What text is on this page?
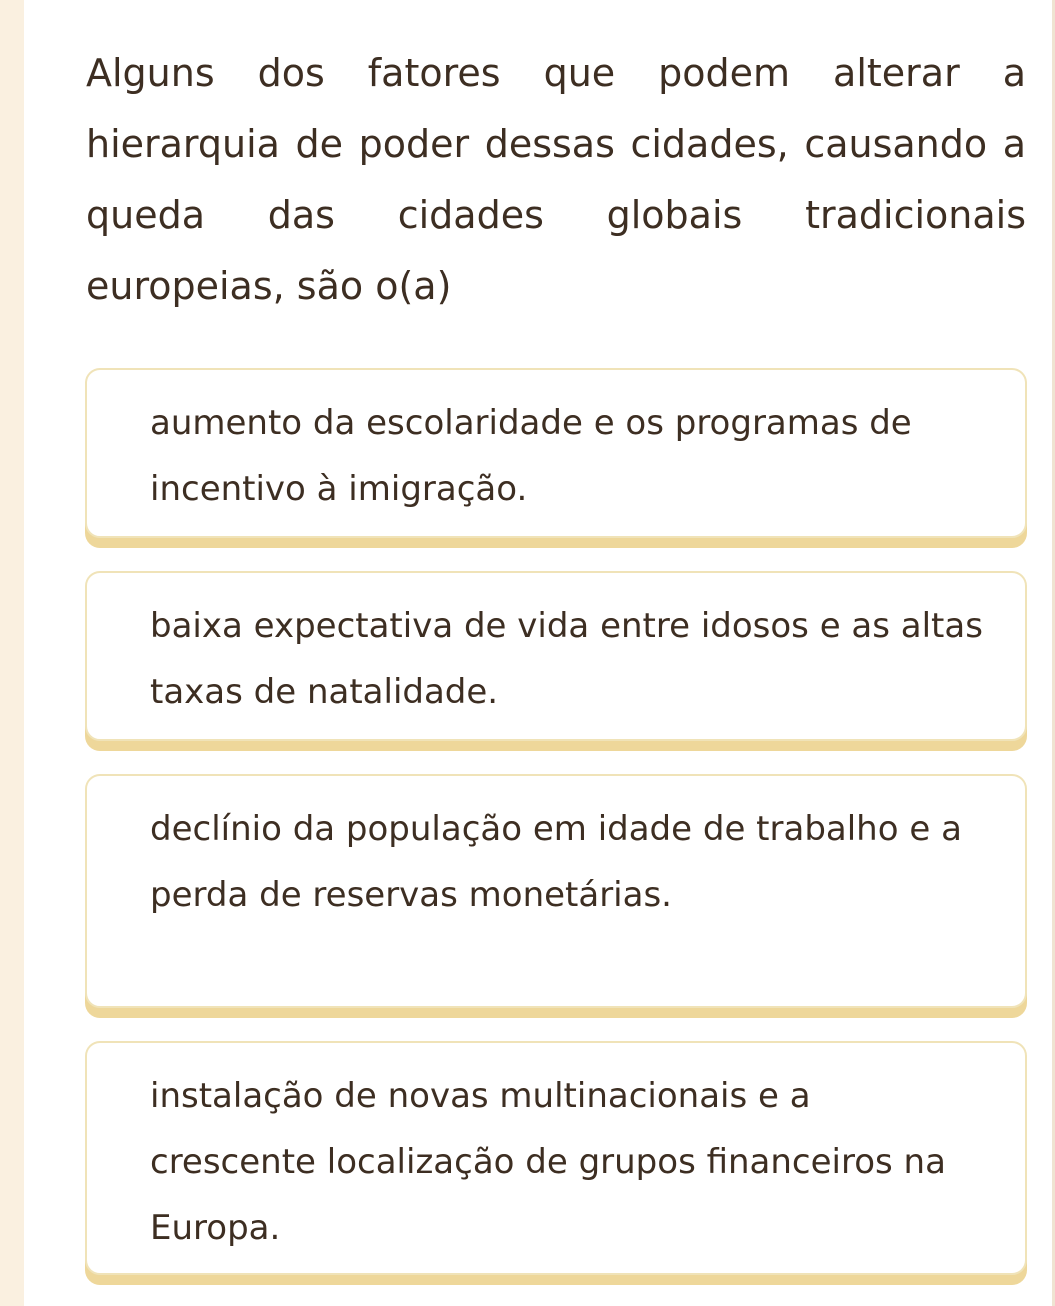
Alguns dos fatores que podem alterar a hierarquia de poder dessas cidades, causando a queda das cidades globais tradicionais europeias, são o(a)

aumento da escolaridade e os programas de incentivo à imigração.
baixa expectativa de vida entre idosos e as altas taxas de natalidade.
declínio da população em idade de trabalho e a perda de reservas monetárias.
instalação de novas multinacionais e a crescente localização de grupos financeiros na Europa.
